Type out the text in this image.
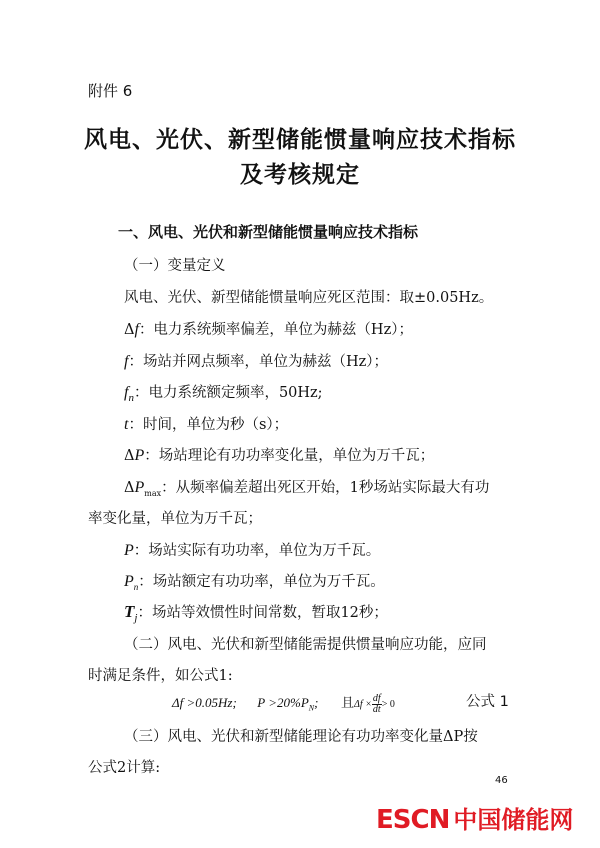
附件 6
风电、光伏、新型储能惯量响应技术指标
及考核规定
一、风电、光伏和新型储能惯量响应技术指标
（一）变量定义
风电、光伏、新型储能惯量响应死区范围：取±0.05Hz。
Δf：电力系统频率偏差，单位为赫兹（Hz）；
f：场站并网点频率，单位为赫兹（Hz）；
$f_n$：电力系统额定频率，50Hz;
t：时间，单位为秒（s）；
ΔP：场站理论有功功率变化量，单位为万千瓦；
$\Delta P_{max}$：从频率偏差超出死区开始，1秒场站实际最大有功
率变化量，单位为万千瓦；
P：场站实际有功功率，单位为万千瓦。
$P_n$：场站额定有功功率，单位为万千瓦。
$T_j$：场站等效惯性时间常数，暂取12秒；
（二）风电、光伏和新型储能需提供惯量响应功能，应同
时满足条件，如公式1:
Δf >0.05Hz; $P >20\%P_N$; 且$\Delta f \times \frac{df}{dt} > 0$	公式 1
（三）风电、光伏和新型储能理论有功功率变化量ΔP按
公式2计算:
46
ESCN 中国储能网
